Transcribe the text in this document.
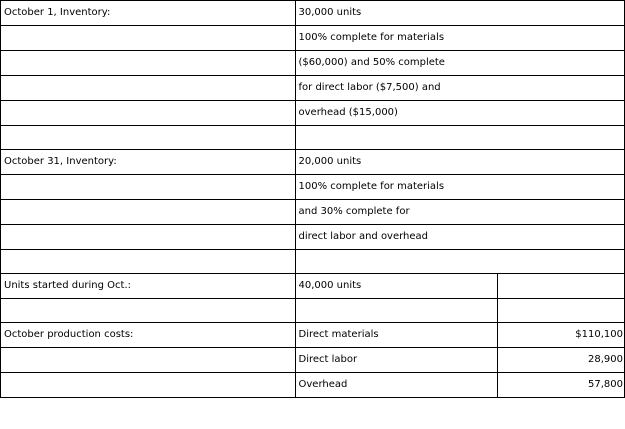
October 1, Inventory:	30,000 units	
	100% complete for materials	
	($60,000) and 50% complete	
	for direct labor ($7,500) and	
	overhead ($15,000)	

October 31, Inventory:	20,000 units	
	100% complete for materials	
	and 30% complete for	
	direct labor and overhead	

Units started during Oct.:	40,000 units	

October production costs:	Direct materials	$110,100
	Direct labor	28,900
	Overhead	57,800
